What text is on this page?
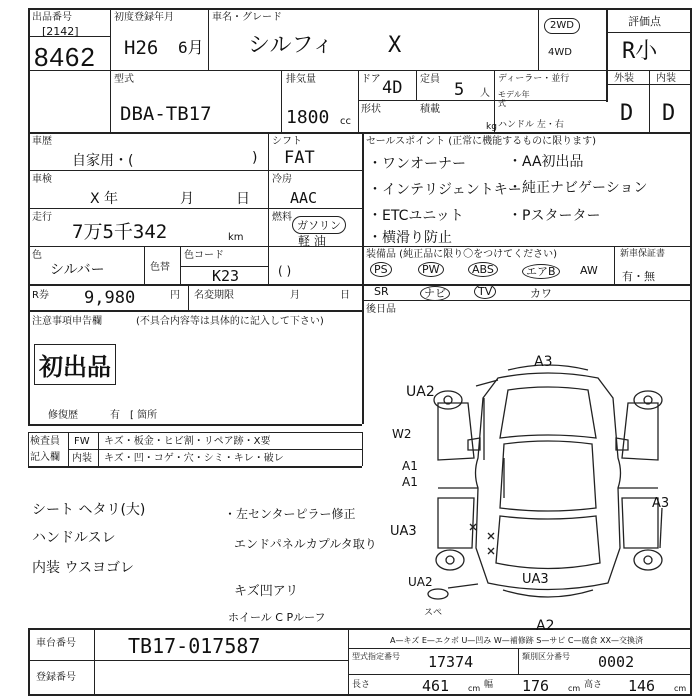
出品番号
[2142]
8462
初度登録年月
H26 6月
車名・グレード
シルフィ X
2WD
4WD
評価点
R小
外装 内装
D D
型式
DBA-TB17
排気量
1800 cc
ドア 4D 定員
5 人
ディーラー・並行
モデル年式
形状	積載
kg ハンドル 左・右
車歴
自家用・(	)
シフト
FAT
車検
X 年	月	日
冷房
AAC
走行
7万5千342	km
燃料
ガソリン
軽 油
( )
色
シルバー	色替
色コード
K23
R券 9,980	円 名変期限	月	日
注意事項申告欄	(不具合内容等は具体的に記入して下さい)
初出品
修復歴	有 [ 箇所
セールスポイント (正常に機能するものに限ります)
・ワンオーナー	・AA初出品
・インテリジェントキー
・純正ナビゲーション
・ETCユニット	・Pスターター
・横滑り防止
装備品 (純正品に限り〇をつけてください)	新車保証書
PS	PW	ABS	エアB	AW 有・無
SR	ナビ	TV	カワ
後日品
検査員
記入欄
FW キズ・板金・ヒビ割・リペア跡・X要
内装 キズ・凹・コゲ・穴・シミ・キレ・破レ
シート ヘタリ(大)
ハンドルスレ
内装 ウスヨゴレ
・左センターピラー修正
エンドパネルカプルタ取り
キズ凹アリ
ホイール C Pルーフ
A3
UA2
W2
A1
A1
UA3
A3
UA3
UA2
A2
スペ
A—キズ E—エクボ U—凹み W—補修跡 S—サビ C—腐食 XX—交換済
車台番号	TB17-017587
登録番号
型式指定番号 17374	類別区分番号 0002
長さ	461 cm 幅 176 cm 高さ 146 cm
